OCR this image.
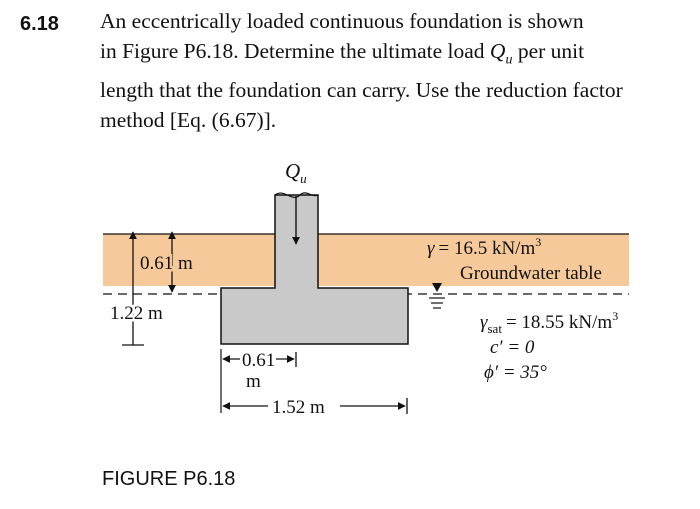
6.18 An eccentrically loaded continuous foundation is shown
in Figure P6.18. Determine the ultimate load $Q_u$ per unit
length that the foundation can carry. Use the reduction factor
method [Eq. (6.67)].
$Q_u$
0.61 m
1.22 m
γ = 16.5 $kN/m^3$
Groundwater table
$\gamma_{sat} = 18.55$ $kN/m^3$
c′ = 0
ϕ′ = 35°
0.61
m
1.52 m
FIGURE P6.18
